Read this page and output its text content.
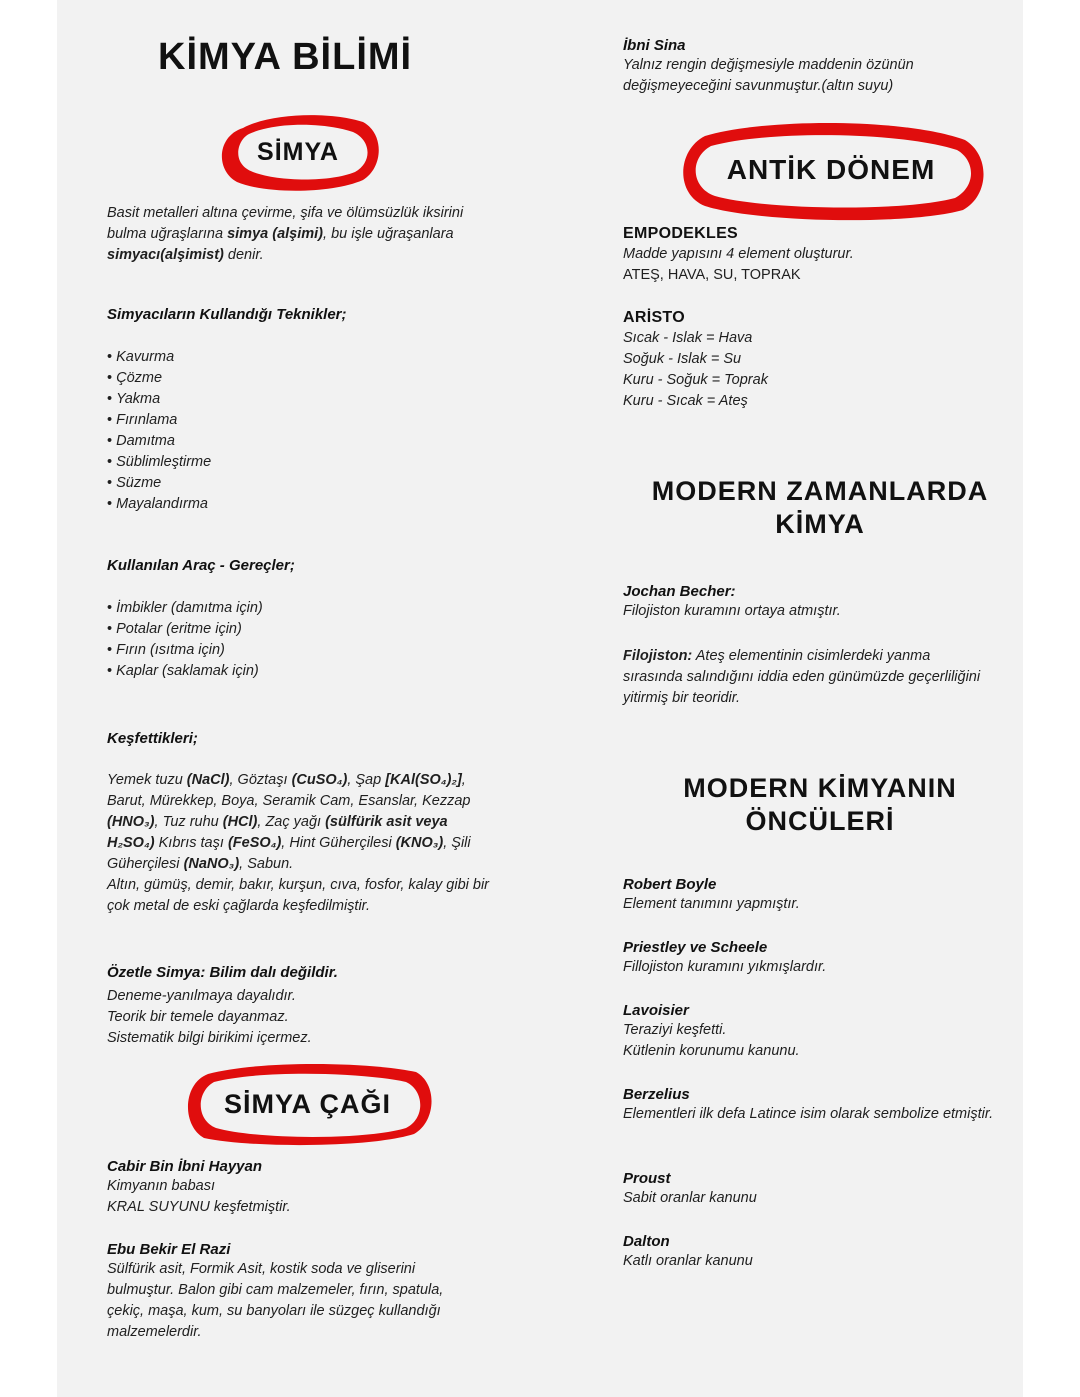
KİMYA BİLİMİ
SİMYA

Basit metalleri altına çevirme, şifa ve ölümsüzlük iksirini bulma uğraşlarına simya (alşimi), bu işle uğraşanlara simyacı(alşimist) denir.

Simyacıların Kullandığı Teknikler;

• Kavurma
• Çözme
• Yakma
• Fırınlama
• Damıtma
• Süblimleştirme
• Süzme
• Mayalandırma

Kullanılan Araç - Gereçler;

• İmbikler (damıtma için)
• Potalar (eritme için)
• Fırın (ısıtma için)
• Kaplar (saklamak için)

Keşfettikleri;

Yemek tuzu (NaCl), Göztaşı (CuSO₄), Şap [KAl(SO₄)₂], Barut, Mürekkep, Boya, Seramik Cam, Esanslar, Kezzap (HNO₃), Tuz ruhu (HCl), Zaç yağı (sülfürik asit veya H₂SO₄) Kıbrıs taşı (FeSO₄), Hint Güherçilesi (KNO₃), Şili Güherçilesi (NaNO₃), Sabun.
Altın, gümüş, demir, bakır, kurşun, cıva, fosfor, kalay gibi bir çok metal de eski çağlarda keşfedilmiştir.

Özetle Simya: Bilim dalı değildir.

Deneme-yanılmaya dayalıdır.

Teorik bir temele dayanmaz.

Sistematik bilgi birikimi içermez.

SİMYA ÇAĞI

Cabir Bin İbni Hayyan

Kimyanın babası

KRAL SUYUNU keşfetmiştir.

Ebu Bekir El Razi

Sülfürik asit, Formik Asit, kostik soda ve gliserini bulmuştur. Balon gibi cam malzemeler, fırın, spatula, çekiç, maşa, kum, su banyoları ile süzgeç kullandığı malzemelerdir.

İbni Sina

Yalnız rengin değişmesiyle maddenin özünün değişmeyeceğini savunmuştur.(altın suyu)

ANTİK DÖNEM

EMPODEKLES

Madde yapısını 4 element oluşturur.

ATEŞ, HAVA, SU, TOPRAK

ARİSTO

Sıcak - Islak = Hava

Soğuk - Islak = Su

Kuru - Soğuk = Toprak

Kuru - Sıcak = Ateş

MODERN ZAMANLARDA KİMYA

Jochan Becher:

Filojiston kuramını ortaya atmıştır.

Filojiston: Ateş elementinin cisimlerdeki yanma sırasında salındığını iddia eden günümüzde geçerliliğini yitirmiş bir teoridir.

MODERN KİMYANIN ÖNCÜLERİ

Robert Boyle

Element tanımını yapmıştır.

Priestley ve Scheele

Fillojiston kuramını yıkmışlardır.

Lavoisier

Teraziyi keşfetti.

Kütlenin korunumu kanunu.

Berzelius

Elementleri ilk defa Latince isim olarak sembolize etmiştir.

Proust

Sabit oranlar kanunu

Dalton

Katlı oranlar kanunu
